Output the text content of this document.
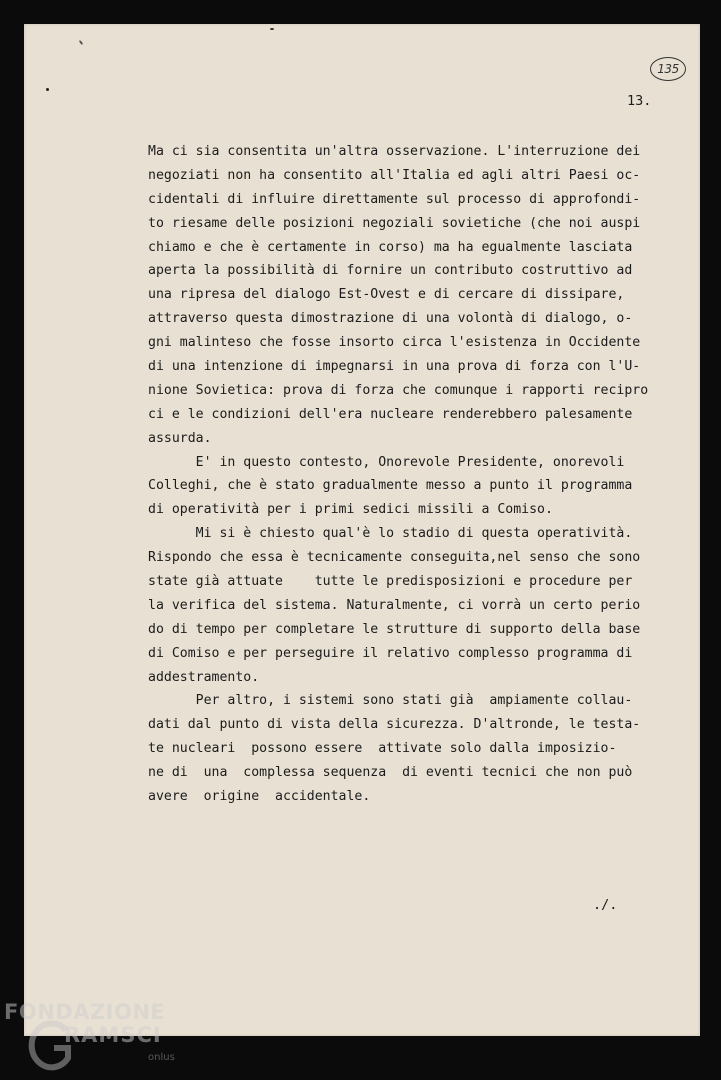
135
13.
Ma ci sia consentita un'altra osservazione. L'interruzione dei
negoziati non ha consentito all'Italia ed agli altri Paesi oc-
cidentali di influire direttamente sul processo di approfondi-
to riesame delle posizioni negoziali sovietiche (che noi auspi
chiamo e che è certamente in corso) ma ha egualmente lasciata
aperta la possibilità di fornire un contributo costruttivo ad
una ripresa del dialogo Est-Ovest e di cercare di dissipare,
attraverso questa dimostrazione di una volontà di dialogo, o-
gni malinteso che fosse insorto circa l'esistenza in Occidente
di una intenzione di impegnarsi in una prova di forza con l'U-
nione Sovietica: prova di forza che comunque i rapporti recipro
ci e le condizioni dell'era nucleare renderebbero palesamente
assurda.
E' in questo contesto, Onorevole Presidente, onorevoli
Colleghi, che è stato gradualmente messo a punto il programma
di operatività per i primi sedici missili a Comiso.
Mi si è chiesto qual'è lo stadio di questa operatività.
Rispondo che essa è tecnicamente conseguita,nel senso che sono
state già attuate    tutte le predisposizioni e procedure per
la verifica del sistema. Naturalmente, ci vorrà un certo perio
do di tempo per completare le strutture di supporto della base
di Comiso e per perseguire il relativo complesso programma di
addestramento.
Per altro, i sistemi sono stati già  ampiamente collau-
dati dal punto di vista della sicurezza. D'altronde, le testa-
te nucleari  possono essere  attivate solo dalla imposizio-
ne di  una  complessa sequenza  di eventi tecnici che non può
avere  origine  accidentale.
./.
FONDAZIONE
RAMSCI
onlus
